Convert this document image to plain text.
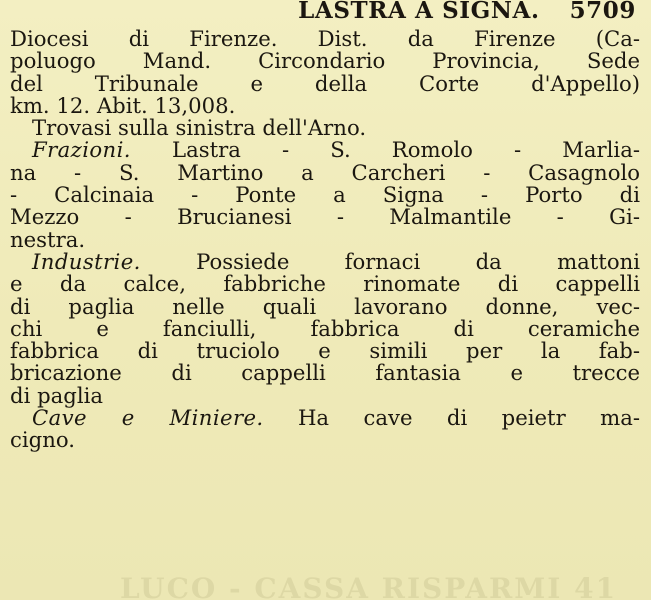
LUCO - CASSA RISPARMI 41
LASTRA A SIGNA. 5709
Diocesi di Firenze. Dist. da Firenze (Ca-
poluogo Mand. Circondario Provincia, Sede
del Tribunale e della Corte d'Appello)
km. 12. Abit. 13,008.
Trovasi sulla sinistra dell'Arno.
Frazioni. Lastra - S. Romolo - Marlia-
na - S. Martino a Carcheri - Casagnolo
- Calcinaia - Ponte a Signa - Porto di
Mezzo - Brucianesi - Malmantile - Gi-
nestra.
Industrie. Possiede fornaci da mattoni
e da calce, fabbriche rinomate di cappelli
di paglia nelle quali lavorano donne, vec-
chi e fanciulli, fabbrica di ceramiche
fabbrica di truciolo e simili per la fab-
bricazione di cappelli fantasia e trecce
di paglia
Cave e Miniere. Ha cave di peietr ma-
cigno.
